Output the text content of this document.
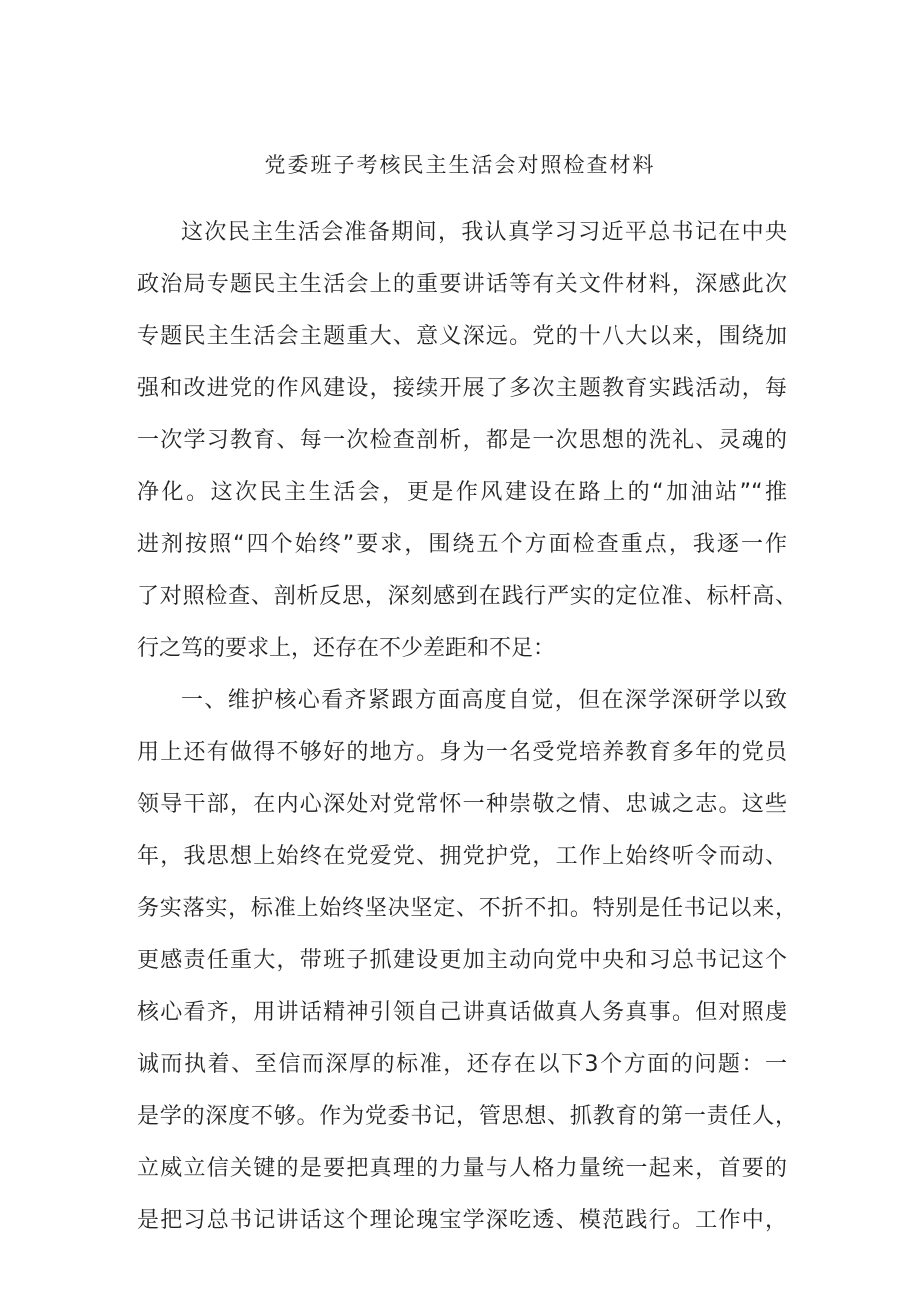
党委班子考核民主生活会对照检查材料
这次民主生活会准备期间，我认真学习习近平总书记在中央
政治局专题民主生活会上的重要讲话等有关文件材料，深感此次
专题民主生活会主题重大、意义深远。党的十八大以来，围绕加
强和改进党的作风建设，接续开展了多次主题教育实践活动，每
一次学习教育、每一次检查剖析，都是一次思想的洗礼、灵魂的
净化。这次民主生活会，更是作风建设在路上的“加油站”“推
进剂按照“四个始终”要求，围绕五个方面检查重点，我逐一作
了对照检查、剖析反思，深刻感到在践行严实的定位准、标杆高、
行之笃的要求上，还存在不少差距和不足：
一、维护核心看齐紧跟方面高度自觉，但在深学深研学以致
用上还有做得不够好的地方。身为一名受党培养教育多年的党员
领导干部，在内心深处对党常怀一种崇敬之情、忠诚之志。这些
年，我思想上始终在党爱党、拥党护党，工作上始终听令而动、
务实落实，标准上始终坚决坚定、不折不扣。特别是任书记以来，
更感责任重大，带班子抓建设更加主动向党中央和习总书记这个
核心看齐，用讲话精神引领自己讲真话做真人务真事。但对照虔
诚而执着、至信而深厚的标准，还存在以下3个方面的问题：一
是学的深度不够。作为党委书记，管思想、抓教育的第一责任人，
立威立信关键的是要把真理的力量与人格力量统一起来，首要的
是把习总书记讲话这个理论瑰宝学深吃透、模范践行。工作中，
